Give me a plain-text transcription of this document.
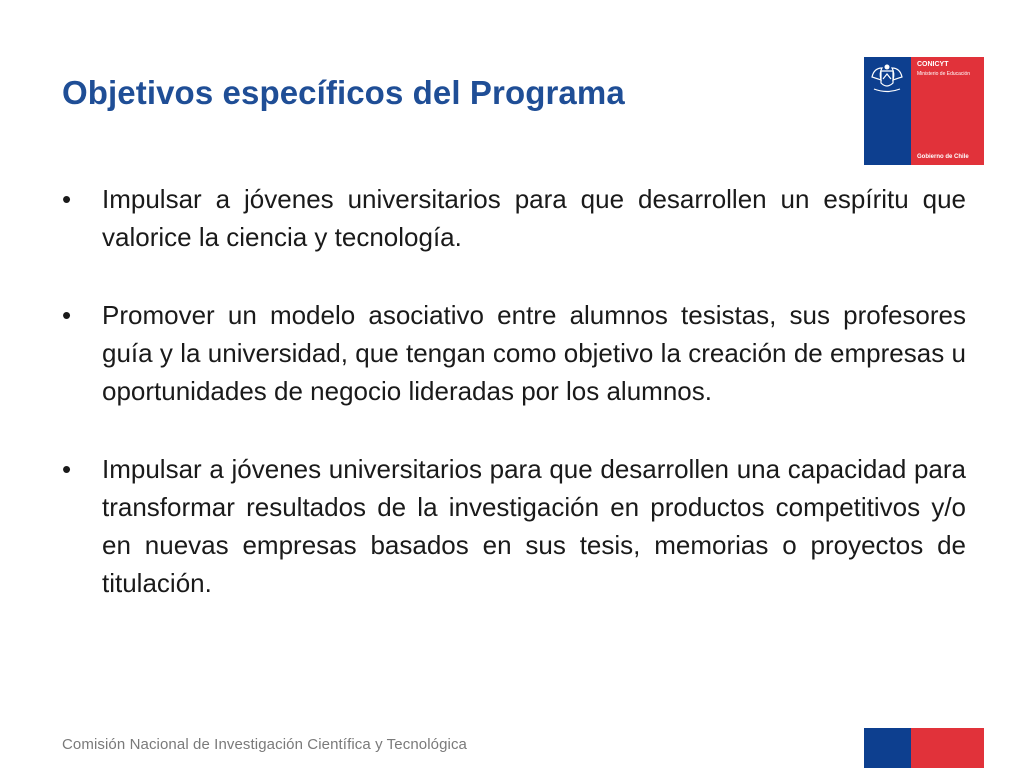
Objetivos específicos del Programa
CONICYT
Ministerio de Educación
Gobierno de Chile
• Impulsar a jóvenes universitarios para que desarrollen un espíritu que valorice la ciencia y tecnología.
• Promover un modelo asociativo entre alumnos tesistas, sus profesores guía y la universidad, que tengan como objetivo la creación de empresas u oportunidades de negocio lideradas por los alumnos.
• Impulsar a jóvenes universitarios para que desarrollen una capacidad para transformar resultados de la investigación en productos competitivos y/o en nuevas empresas basados en sus tesis, memorias o proyectos de titulación.
Comisión Nacional de Investigación Científica y Tecnológica
